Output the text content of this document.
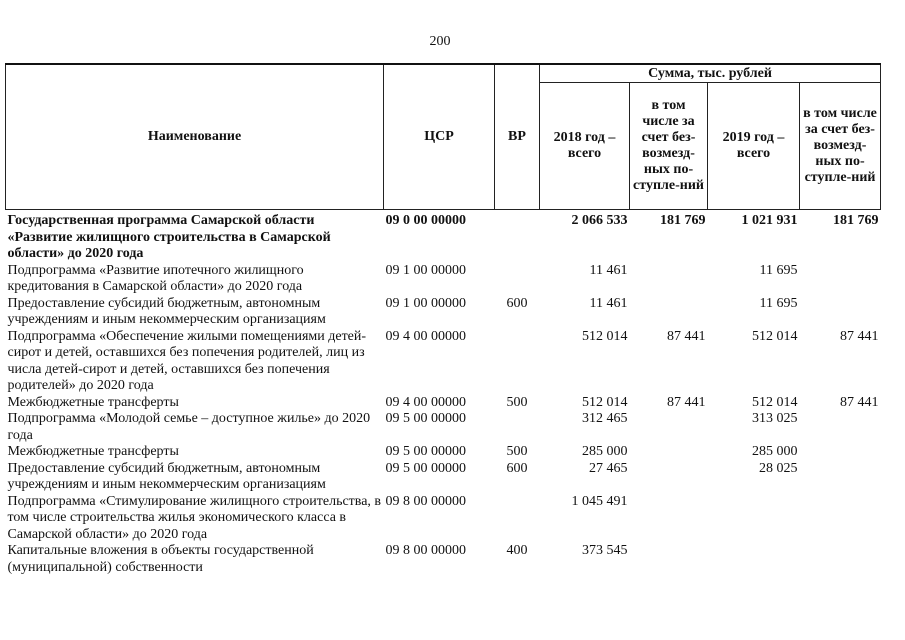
200
Наименование	ЦСР	ВР	Сумма, тыс. рублей			
			2018 год – всего	в том числе за счет без-возмезд-ных по-ступле-ний	2019 год – всего	в том числе за счет без-возмезд-ных по-ступле-ний
Государственная программа Самарской области «Развитие жилищного строительства в Самарской области» до 2020 года	09 0 00 00000		2 066 533	181 769	1 021 931	181 769
Подпрограмма «Развитие ипотечного жилищного кредитования в Самарской области» до 2020 года	09 1 00 00000		11 461		11 695	
Предоставление субсидий бюджетным, автономным учреждениям и иным некоммерческим организациям	09 1 00 00000	600	11 461		11 695	
Подпрограмма «Обеспечение жилыми помещениями детей-сирот и детей, оставшихся без попечения родителей, лиц из числа детей-сирот и детей, оставшихся без попечения родителей» до 2020 года	09 4 00 00000		512 014	87 441	512 014	87 441
Межбюджетные трансферты	09 4 00 00000	500	512 014	87 441	512 014	87 441
Подпрограмма «Молодой семье – доступное жилье» до 2020 года	09 5 00 00000		312 465		313 025	
Межбюджетные трансферты	09 5 00 00000	500	285 000		285 000	
Предоставление субсидий бюджетным, автономным учреждениям и иным некоммерческим организациям	09 5 00 00000	600	27 465		28 025	
Подпрограмма «Стимулирование жилищного строительства, в том числе строительства жилья экономического класса в Самарской области» до 2020 года	09 8 00 00000		1 045 491			
Капитальные вложения в объекты государственной (муниципальной) собственности	09 8 00 00000	400	373 545			
